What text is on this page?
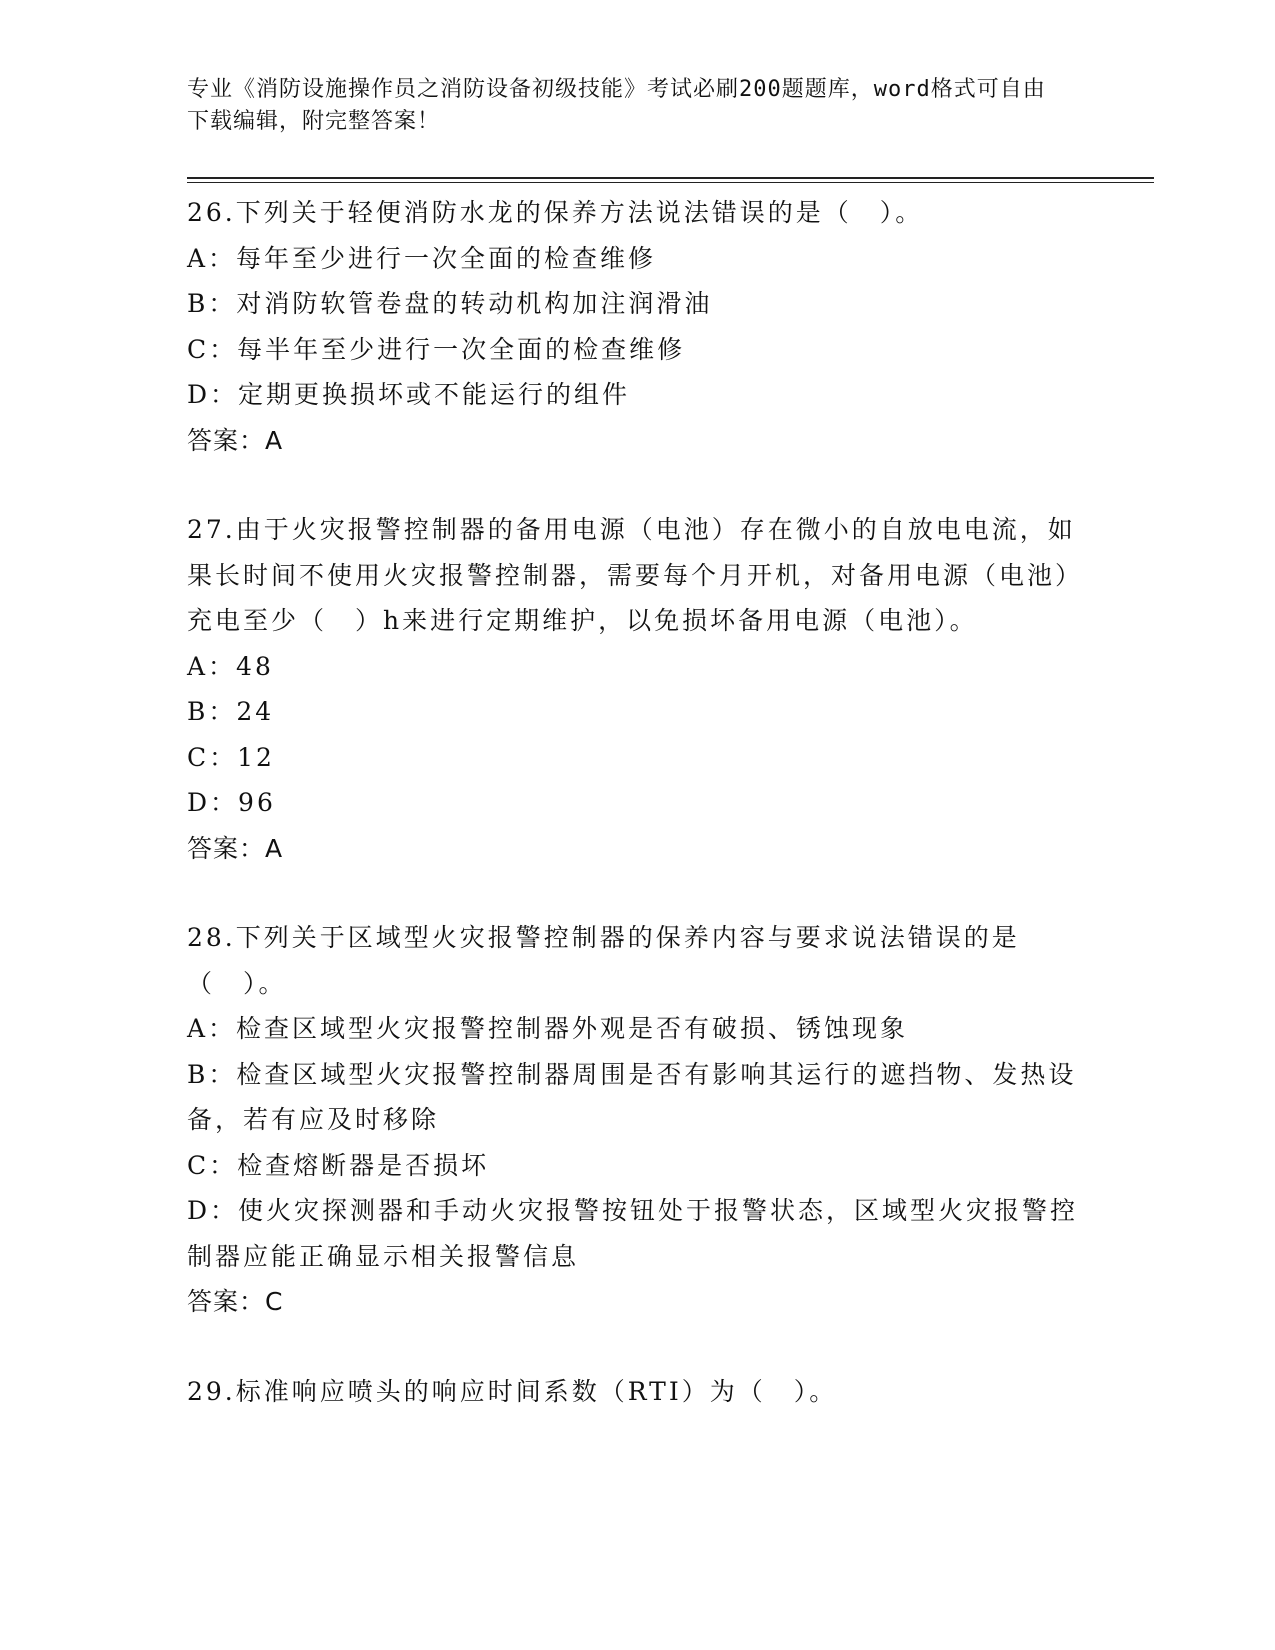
专业《消防设施操作员之消防设备初级技能》考试必刷200题题库，word格式可自由下载编辑，附完整答案！
26.下列关于轻便消防水龙的保养方法说法错误的是（　）。
A：每年至少进行一次全面的检查维修
B：对消防软管卷盘的转动机构加注润滑油
C：每半年至少进行一次全面的检查维修
D：定期更换损坏或不能运行的组件
答案：A
27.由于火灾报警控制器的备用电源（电池）存在微小的自放电电流，如果长时间不使用火灾报警控制器，需要每个月开机，对备用电源（电池）充电至少（　）h来进行定期维护，以免损坏备用电源（电池）。
A：48
B：24
C：12
D：96
答案：A
28.下列关于区域型火灾报警控制器的保养内容与要求说法错误的是（　）。
A：检查区域型火灾报警控制器外观是否有破损、锈蚀现象
B：检查区域型火灾报警控制器周围是否有影响其运行的遮挡物、发热设备，若有应及时移除
C：检查熔断器是否损坏
D：使火灾探测器和手动火灾报警按钮处于报警状态，区域型火灾报警控制器应能正确显示相关报警信息
答案：C
29.标准响应喷头的响应时间系数（RTI）为（　）。
